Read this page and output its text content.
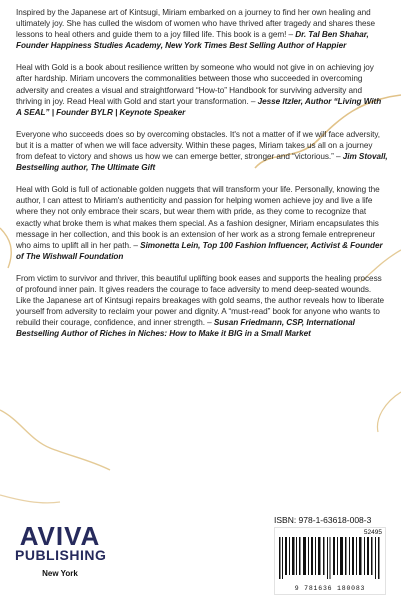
Inspired by the Japanese art of Kintsugi, Miriam embarked on a journey to find her own healing and ultimately joy. She has culled the wisdom of women who have thrived after tragedy and shares these lessons to heal others and guide them to a joy filled life. This book is a gem! – Dr. Tal Ben Shahar, Founder Happiness Studies Academy, New York Times Best Selling Author of Happier

Heal with Gold is a book about resilience written by someone who would not give in on achieving joy after hardship. Miriam uncovers the commonalities between those who succeeded in overcoming adversity and creates a visual and straightforward “How-to” Handbook for surviving adversity and thriving in joy. Read Heal with Gold and start your transformation. – Jesse Itzler, Author “Living With A SEAL” | Founder BYLR | Keynote Speaker

Everyone who succeeds does so by overcoming obstacles. It's not a matter of if we will face adversity, but it is a matter of when we will face adversity. Within these pages, Miriam takes us all on a journey from defeat to victory and shows us how we can emerge better, stronger and “victorious.” – Jim Stovall, Bestselling author, The Ultimate Gift

Heal with Gold is full of actionable golden nuggets that will transform your life. Personally, knowing the author, I can attest to Miriam's authenticity and passion for helping women achieve joy and live a life where they not only embrace their scars, but wear them with pride, as they come to recognize that exactly what broke them is what makes them special. As a fashion designer, Miriam encapsulates this message in her collection, and this book is an extension of her work as a strong female entrepreneur who aims to uplift all in her path. – Simonetta Lein, Top 100 Fashion Influencer, Activist & Founder of The Wishwall Foundation

From victim to survivor and thriver, this beautiful uplifting book eases and supports the healing process of profound inner pain. It gives readers the courage to face adversity to mend deep-seated wounds. Like the Japanese art of Kintsugi repairs breakages with gold seams, the author reveals how to liberate yourself from adversity to reclaim your power and dignity. A “must-read” book for anyone who wants to rebuild their courage, confidence, and inner strength. – Susan Friedmann, CSP, International Bestselling Author of Riches in Niches: How to Make it BIG in a Small Market

AVIVA
PUBLISHING
New York
ISBN: 978-1-63618-008-3
52495
9 781636 180083
